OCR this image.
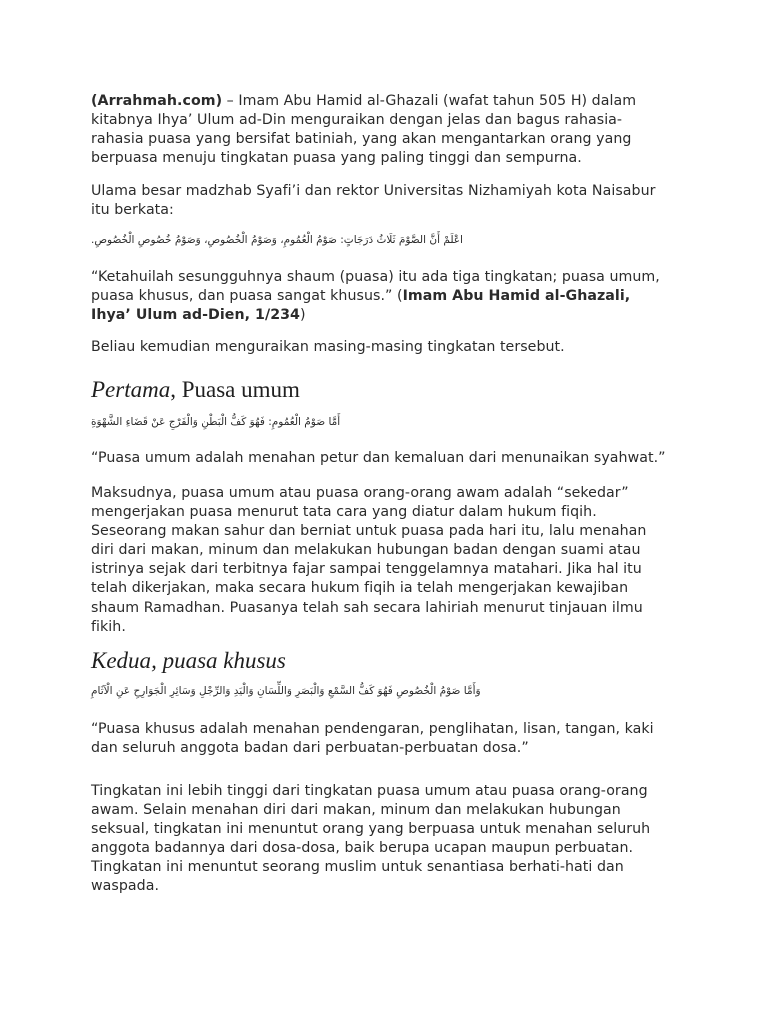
(Arrahmah.com) – Imam Abu Hamid al-Ghazali (wafat tahun 505 H) dalam kitabnya Ihya’ Ulum ad-Din menguraikan dengan jelas dan bagus rahasia-rahasia puasa yang bersifat batiniah, yang akan mengantarkan orang yang berpuasa menuju tingkatan puasa yang paling tinggi dan sempurna.

Ulama besar madzhab Syafi’i dan rektor Universitas Nizhamiyah kota Naisabur itu berkata:

اعْلَمْ أَنَّ الصَّوْمَ ثَلَاثُ دَرَجَاتٍ: صَوْمُ الْعُمُومِ، وَصَوْمُ الْخُصُوصِ، وَصَوْمُ خُصُوصِ الْخُصُوصِ.

“Ketahuilah sesungguhnya shaum (puasa) itu ada tiga tingkatan; puasa umum, puasa khusus, dan puasa sangat khusus.” (Imam Abu Hamid al-Ghazali, Ihya’ Ulum ad-Dien, 1/234)

Beliau kemudian menguraikan masing-masing tingkatan tersebut.

Pertama, Puasa umum

أَمَّا صَوْمُ الْعُمُومِ: فَهُوَ كَفُّ الْبَطْنِ وَالْفَرْجِ عَنْ قَضَاءِ الشَّهْوَةِ

“Puasa umum adalah menahan petur dan kemaluan dari menunaikan syahwat.”

Maksudnya, puasa umum atau puasa orang-orang awam adalah “sekedar” mengerjakan puasa menurut tata cara yang diatur dalam hukum fiqih. Seseorang makan sahur dan berniat untuk puasa pada hari itu, lalu menahan diri dari makan, minum dan melakukan hubungan badan dengan suami atau istrinya sejak dari terbitnya fajar sampai tenggelamnya matahari. Jika hal itu telah dikerjakan, maka secara hukum fiqih ia telah mengerjakan kewajiban shaum Ramadhan. Puasanya telah sah secara lahiriah menurut tinjauan ilmu fikih.

Kedua, puasa khusus

وَأَمَّا صَوْمُ الْخُصُوصِ فَهُوَ كَفُّ السَّمْعِ وَالْبَصَرِ وَاللِّسَانِ وَالْيَدِ وَالرِّجْلِ وَسَائِرِ الْجَوَارِحِ عَنِ الْآثَامِ

“Puasa khusus adalah menahan pendengaran, penglihatan, lisan, tangan, kaki dan seluruh anggota badan dari perbuatan-perbuatan dosa.”

Tingkatan ini lebih tinggi dari tingkatan puasa umum atau puasa orang-orang awam. Selain menahan diri dari makan, minum dan melakukan hubungan seksual, tingkatan ini menuntut orang yang berpuasa untuk menahan seluruh anggota badannya dari dosa-dosa, baik berupa ucapan maupun perbuatan. Tingkatan ini menuntut seorang muslim untuk senantiasa berhati-hati dan waspada.
